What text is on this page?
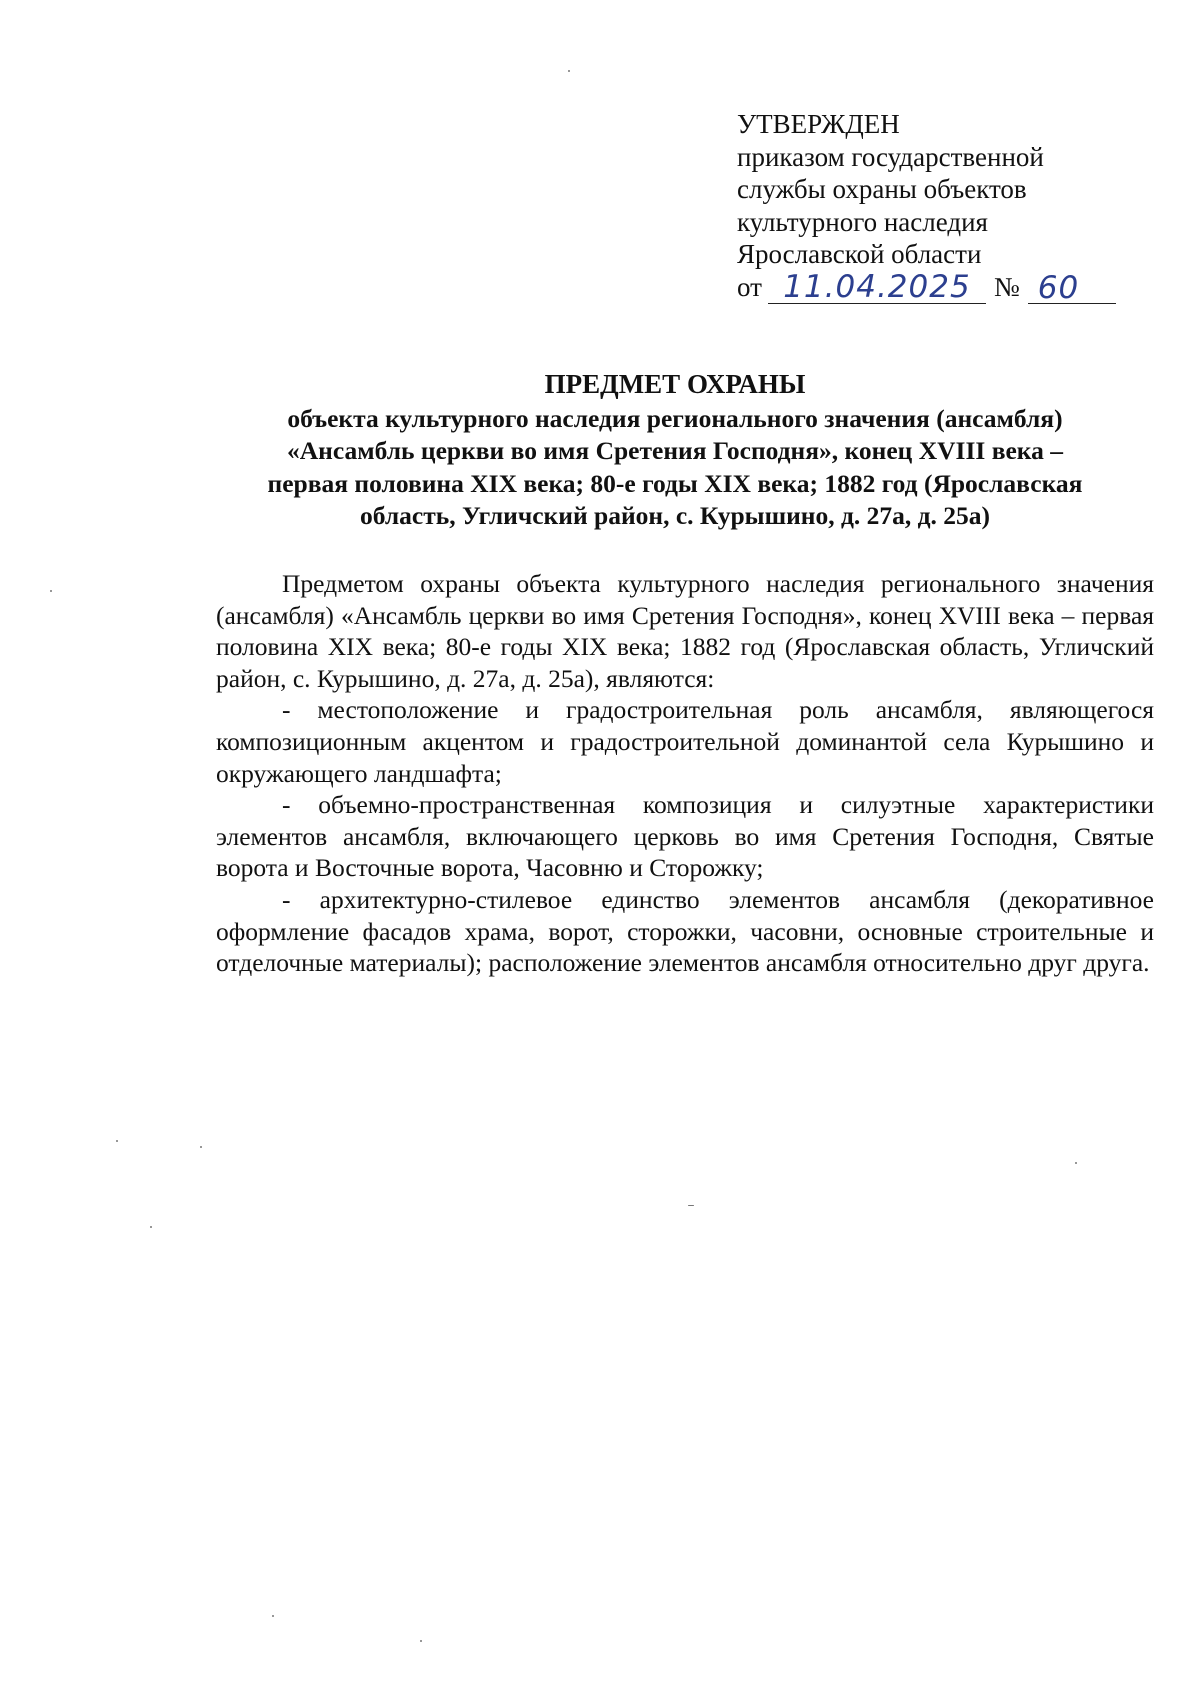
УТВЕРЖДЕН
приказом государственной
службы охраны объектов
культурного наследия
Ярославской области
от 11.04.2025 № 60
ПРЕДМЕТ ОХРАНЫ
объекта культурного наследия регионального значения (ансамбля)
«Ансамбль церкви во имя Сретения Господня», конец XVIII века –
первая половина XIX века; 80-е годы XIX века; 1882 год (Ярославская
область, Угличский район, с. Курышино, д. 27а, д. 25а)

Предметом охраны объекта культурного наследия регионального значения (ансамбля) «Ансамбль церкви во имя Сретения Господня», конец XVIII века – первая половина XIX века; 80-е годы XIX века; 1882 год (Ярославская область, Угличский район, с. Курышино, д. 27а, д. 25а), являются:

- местоположение и градостроительная роль ансамбля, являющегося композиционным акцентом и градостроительной доминантой села Курышино и окружающего ландшафта;

- объемно-пространственная композиция и силуэтные характеристики элементов ансамбля, включающего церковь во имя Сретения Господня, Святые ворота и Восточные ворота, Часовню и Сторожку;

- архитектурно-стилевое единство элементов ансамбля (декоративное оформление фасадов храма, ворот, сторожки, часовни, основные строительные и отделочные материалы); расположение элементов ансамбля относительно друг друга.
